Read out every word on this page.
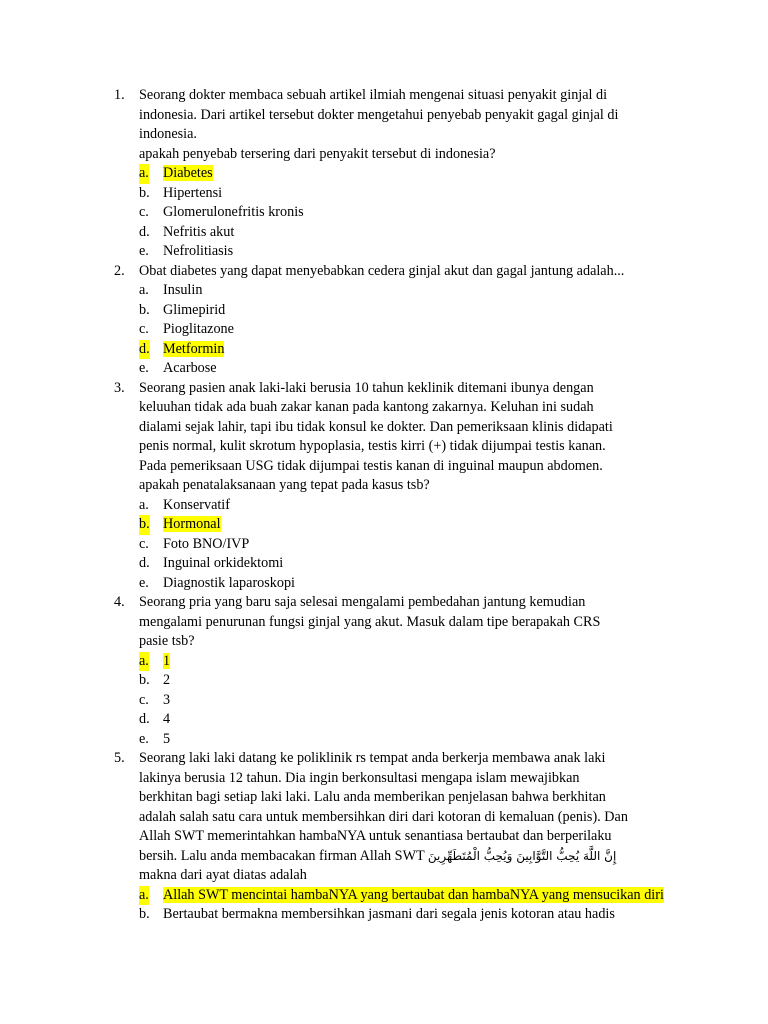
1.	Seorang dokter membaca sebuah artikel ilmiah mengenai situasi penyakit ginjal di
indonesia. Dari artikel tersebut dokter mengetahui penyebab penyakit gagal ginjal di
indonesia.
apakah penyebab tersering dari penyakit tersebut di indonesia?
a. Diabetes
b. Hipertensi
c. Glomerulonefritis kronis
d. Nefritis akut
e. Nefrolitiasis
2.	Obat diabetes yang dapat menyebabkan cedera ginjal akut dan gagal jantung adalah...
a. Insulin
b. Glimepirid
c. Pioglitazone
d. Metformin
e. Acarbose
3.	Seorang pasien anak laki-laki berusia 10 tahun keklinik ditemani ibunya dengan
keluuhan tidak ada buah zakar kanan pada kantong zakarnya. Keluhan ini sudah
dialami sejak lahir, tapi ibu tidak konsul ke dokter. Dan pemeriksaan klinis didapati
penis normal, kulit skrotum hypoplasia, testis kirri (+) tidak dijumpai testis kanan.
Pada pemeriksaan USG tidak dijumpai testis kanan di inguinal maupun abdomen.
apakah penatalaksanaan yang tepat pada kasus tsb?
a. Konservatif
b. Hormonal
c. Foto BNO/IVP
d. Inguinal orkidektomi
e. Diagnostik laparoskopi
4.	Seorang pria yang baru saja selesai mengalami pembedahan jantung kemudian
mengalami penurunan fungsi ginjal yang akut. Masuk dalam tipe berapakah CRS
pasie tsb?
a. 1
b. 2
c. 3
d. 4
e. 5
5.	Seorang laki laki datang ke poliklinik rs tempat anda berkerja membawa anak laki
lakinya berusia 12 tahun. Dia ingin berkonsultasi mengapa islam mewajibkan
berkhitan bagi setiap laki laki. Lalu anda memberikan penjelasan bahwa berkhitan
adalah salah satu cara untuk membersihkan diri dari kotoran di kemaluan (penis). Dan
Allah SWT memerintahkan hambaNYA untuk senantiasa bertaubat dan berperilaku
bersih. Lalu anda membacakan firman Allah SWT إِنَّ اللَّهَ يُحِبُّ التَّوَّابِينَ وَيُحِبُّ الْمُتَطَهِّرِينَ
makna dari ayat diatas adalah
a. Allah SWT mencintai hambaNYA yang bertaubat dan hambaNYA yang mensucikan diri
b. Bertaubat bermakna membersihkan jasmani dari segala jenis kotoran atau hadis
